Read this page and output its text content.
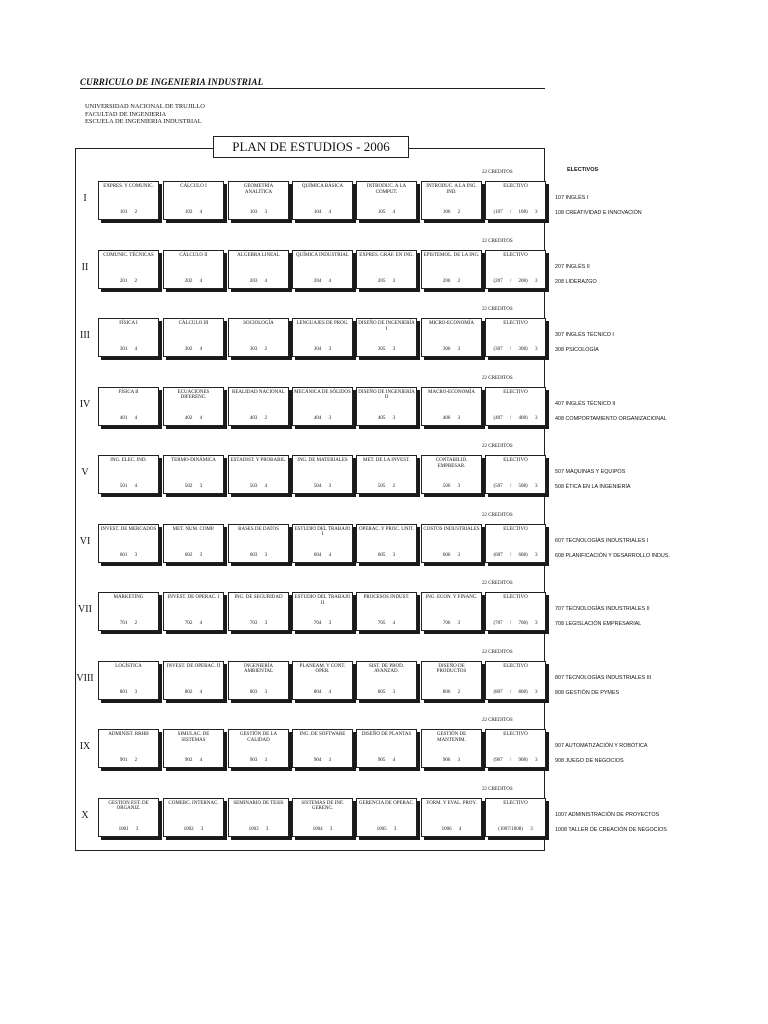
CURRICULO DE INGENIERIA INDUSTRIAL
UNIVERSIDAD NACIONAL DE TRUJILLO
FACULTAD DE INGENIERIA
ESCUELA DE INGENIERIA INDUSTRIAL
PLAN DE ESTUDIOS - 2006
ELECTIVOS
I
22 CREDITOS
EXPRES. Y COMUNIC.
101 2
CÁLCULO I
102 4
GEOMETRÍA ANALÍTICA
103 3
QUÍMICA BÁSICA
104 4
INTRODUC. A LA COMPUT.
105 4
INTRODUC. A LA ING. IND.
106 2
ELECTIVO
(107 / 108) 3
107 INGLÉS I
108 CREATIVIDAD E INNOVACIÓN
II
22 CREDITOS
COMUNIC. TÉCNICAS
201 2
CÁLCULO II
202 4
ALGEBRA LINEAL
203 4
QUÍMICA INDUSTRIAL
204 4
EXPRES. GRÁF. EN ING.
205 3
EPISTEMOL. DE LA ING.
206 2
ELECTIVO
(207 / 208) 3
207 INGLÉS II
208 LIDERAZGO
III
22 CREDITOS
FÍSICA I
301 4
CÁLCULO III
302 4
SOCIOLOGÍA
303 2
LENGUAJES DE PROG.
304 3
DISEÑO DE INGENIERÍA I
305 3
MICRO-ECONOMÍA
306 3
ELECTIVO
(307 / 308) 3
307 INGLÉS TÉCNICO I
308 PSICOLOGÍA
IV
22 CREDITOS
FÍSICA II
401 4
ECUACIONES DIFERENC.
402 4
REALIDAD NACIONAL
403 2
MECÁNICA DE SÓLIDOS
404 3
DISEÑO DE INGENIERÍA II
405 3
MACRO-ECONOMÍA
406 3
ELECTIVO
(407 / 408) 3
407 INGLÉS TÉCNICO II
408 COMPORTAMIENTO ORGANIZACIONAL
V
22 CREDITOS
ING. ELEC. IND.
501 4
TERMO-DINÁMICA
502 3
ESTADIST. Y PROBABIL.
503 4
ING. DE MATERIALES
504 3
MET. DE LA INVEST.
505 2
CONTABILID. EMPRESAR.
506 3
ELECTIVO
(507 / 508) 3
507 MÁQUINAS Y EQUIPOS
508 ÉTICA EN LA INGENIERÍA
VI
22 CREDITOS
INVEST. DE MERCADOS
601 3
MET. NUM. COMP.
602 3
BASES DE DATOS
603 3
ESTUDIO DEL TRABAJO I
604 4
OPERAC. Y PROC. UNIT.
605 3
COSTOS INDUSTRIALES
606 3
ELECTIVO
(607 / 608) 3
607 TECNOLOGÍAS INDUSTRIALES I
608 PLANIFICACIÓN Y DESARROLLO INDUS.
VII
22 CREDITOS
MARKETING
701 2
INVEST. DE OPERAC. I
702 4
ING. DE SEGURIDAD
703 3
ESTUDIO DEL TRABAJO II
704 3
PROCESOS INDUST.
705 4
ING. ECON. Y FINANC.
706 3
ELECTIVO
(707 / 708) 3
707 TECNOLOGÍAS INDUSTRIALES II
708 LEGISLACIÓN EMPRESARIAL
VIII
22 CREDITOS
LOGÍSTICA
801 3
INVEST. DE OPERAC. II
802 4
INGENIERÍA AMBIENTAL
803 3
PLANEAM. Y CONT. OPER.
804 4
SIST. DE PROD. AVANZAD.
805 3
DISEÑO DE PRODUCTOS
806 2
ELECTIVO
(807 / 808) 3
807 TECNOLOGÍAS INDUSTRIALES III
808 GESTIÓN DE PYMES
IX
22 CREDITOS
ADMINIST. RRHH
901 2
SIMULAC. DE SISTEMAS
902 4
GESTIÓN DE LA CALIDAD
903 3
ING. DE SOFTWARE
904 3
DISEÑO DE PLANTAS
905 4
GESTIÓN DE MANTENIM.
906 3
ELECTIVO
(907 / 908) 3
907 AUTOMATIZACIÓN Y ROBÓTICA
908 JUEGO DE NEGOCIOS
X
22 CREDITOS
GESTION EST. DE ORGANIZ.
1001 3
COMERC. INTERNAC.
1002 3
SEMINARIO DE TESIS
1003 3
SISTEMAS DE INF. GERENC.
1004 3
GERENCIA DE OPERAC.
1005 3
FORM. Y EVAL. PROY.
1006 4
ELECTIVO
(1007/1008) 3
1007 ADMINISTRACIÓN DE PROYECTOS
1008 TALLER DE CREACIÓN DE NEGOCIOS
